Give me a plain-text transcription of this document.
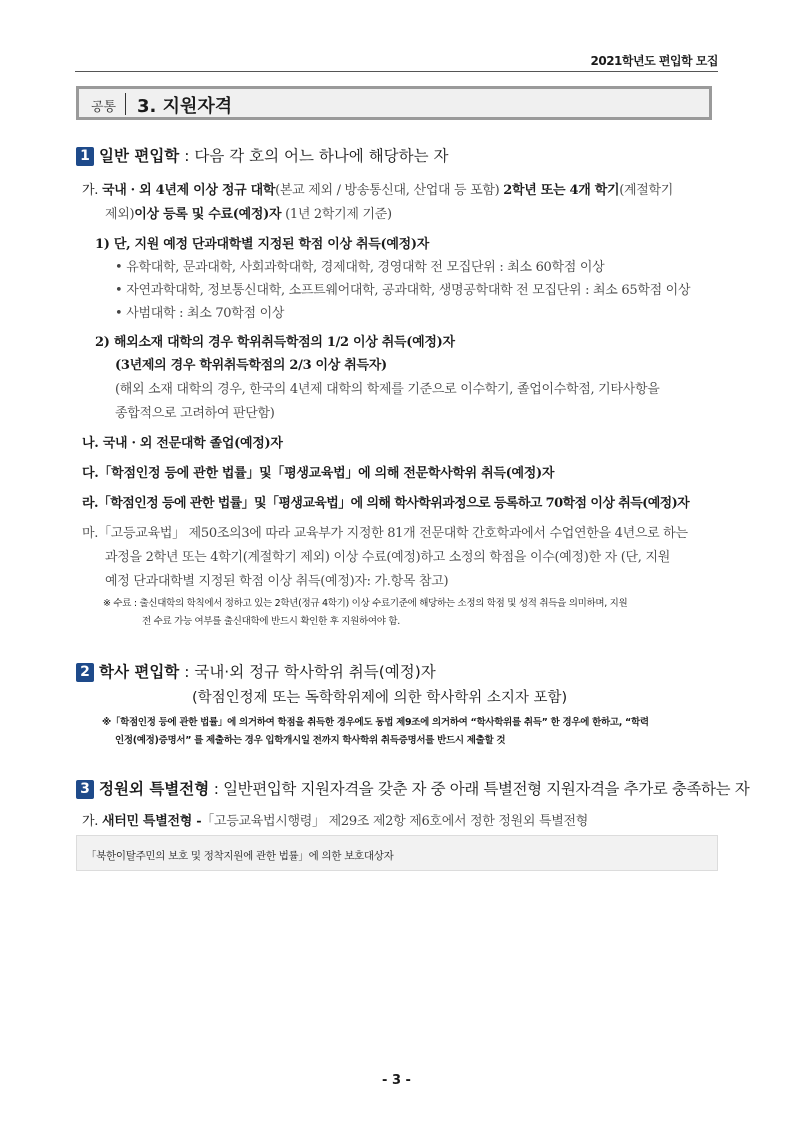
2021학년도 편입학 모집
공통 3. 지원자격
1 일반 편입학 : 다음 각 호의 어느 하나에 해당하는 자
가. 국내 · 외 4년제 이상 정규 대학(본교 제외 / 방송통신대, 산업대 등 포함) 2학년 또는 4개 학기(계절학기
제외)이상 등록 및 수료(예정)자 (1년 2학기제 기준)
1) 단, 지원 예정 단과대학별 지정된 학점 이상 취득(예정)자
• 유학대학, 문과대학, 사회과학대학, 경제대학, 경영대학 전 모집단위 : 최소 60학점 이상
• 자연과학대학, 정보통신대학, 소프트웨어대학, 공과대학, 생명공학대학 전 모집단위 : 최소 65학점 이상
• 사범대학 : 최소 70학점 이상
2) 해외소재 대학의 경우 학위취득학점의 1/2 이상 취득(예정)자
(3년제의 경우 학위취득학점의 2/3 이상 취득자)
(해외 소재 대학의 경우, 한국의 4년제 대학의 학제를 기준으로 이수학기, 졸업이수학점, 기타사항을
종합적으로 고려하여 판단함)
나. 국내 · 외 전문대학 졸업(예정)자
다.「학점인정 등에 관한 법률」및「평생교육법」에 의해 전문학사학위 취득(예정)자
라.「학점인정 등에 관한 법률」및「평생교육법」에 의해 학사학위과정으로 등록하고 70학점 이상 취득(예정)자
마.「고등교육법」 제50조의3에 따라 교육부가 지정한 81개 전문대학 간호학과에서 수업연한을 4년으로 하는
과정을 2학년 또는 4학기(계절학기 제외) 이상 수료(예정)하고 소정의 학점을 이수(예정)한 자 (단, 지원
예정 단과대학별 지정된 학점 이상 취득(예정)자: 가.항목 참고)
※ 수료 : 출신대학의 학칙에서 정하고 있는 2학년(정규 4학기) 이상 수료기준에 해당하는 소정의 학점 및 성적 취득을 의미하며, 지원
전 수료 가능 여부를 출신대학에 반드시 확인한 후 지원하여야 함.
2 학사 편입학 : 국내·외 정규 학사학위 취득(예정)자
(학점인정제 또는 독학학위제에 의한 학사학위 소지자 포함)
※「학점인정 등에 관한 법률」에 의거하여 학점을 취득한 경우에도 동법 제9조에 의거하여 “학사학위를 취득” 한 경우에 한하고, “학력
인정(예정)증명서” 를 제출하는 경우 입학개시일 전까지 학사학위 취득증명서를 반드시 제출할 것
3 정원외 특별전형 : 일반편입학 지원자격을 갖춘 자 중 아래 특별전형 지원자격을 추가로 충족하는 자
가. 새터민 특별전형 -「고등교육법시행령」 제29조 제2항 제6호에서 정한 정원외 특별전형
「북한이탈주민의 보호 및 정착지원에 관한 법률」에 의한 보호대상자
- 3 -
